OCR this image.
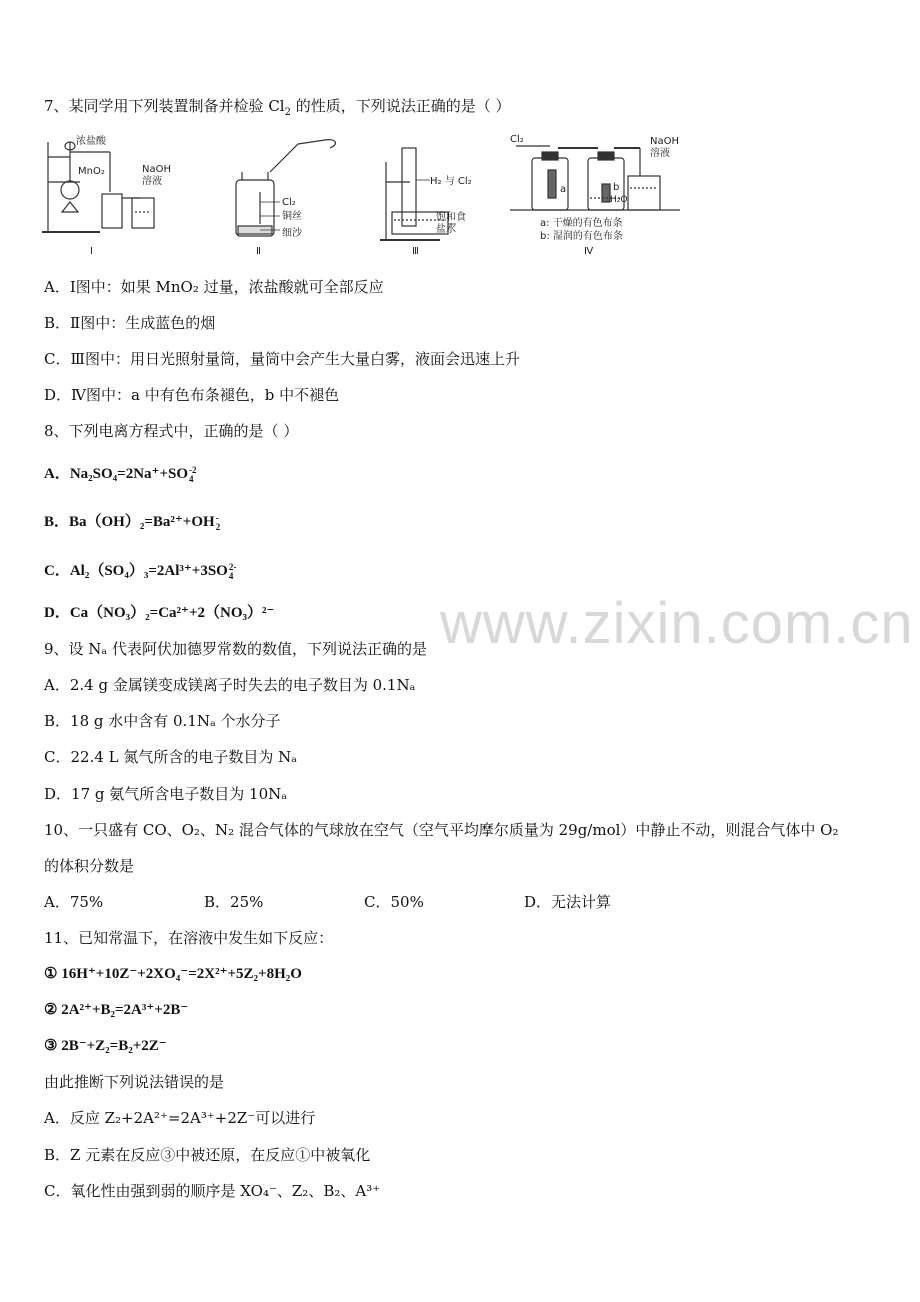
www.zixin.com.cn
7、某同学用下列装置制备并检验 $Cl_2$ 的性质，下列说法正确的是（ ）
浓盐酸
MnO₂	NaOH
溶液
Ⅰ
Cl₂
铜丝
细沙
Ⅱ
H₂ 与 Cl₂
饱和食
盐水
Ⅲ
Cl₂	NaOH
溶液
a	b
H₂O
a: 干燥的有色布条
b: 湿润的有色布条
Ⅳ
A．Ⅰ图中：如果 MnO₂ 过量，浓盐酸就可全部反应
B．Ⅱ图中：生成蓝色的烟
C．Ⅲ图中：用日光照射量筒，量筒中会产生大量白雾，液面会迅速上升
D．Ⅳ图中：a 中有色布条褪色，b 中不褪色
8、下列电离方程式中，正确的是（ ）
A．Na₂SO₄=2Na⁺+SO -2
4
B．Ba（OH）₂=Ba²⁺+OH -
2
C．Al₂（SO₄）₃=2Al³⁺+3SO 2-
4
D．Ca（NO₃）₂=Ca²⁺+2（NO₃）²⁻
9、设 Nₐ 代表阿伏加德罗常数的数值，下列说法正确的是
A．2.4 g 金属镁变成镁离子时失去的电子数目为 0.1Nₐ
B．18 g 水中含有 0.1Nₐ 个水分子
C．22.4 L 氮气所含的电子数目为 Nₐ
D．17 g 氨气所含电子数目为 10Nₐ
10、一只盛有 CO、O₂、N₂ 混合气体的气球放在空气（空气平均摩尔质量为 29g/mol）中静止不动，则混合气体中 O₂
的体积分数是
A．75%	B．25%	C．50%	D．无法计算
11、已知常温下，在溶液中发生如下反应：
① 16H⁺+10Z⁻+2XO₄⁻=2X²⁺+5Z₂+8H₂O
② 2A²⁺+B₂=2A³⁺+2B⁻
③ 2B⁻+Z₂=B₂+2Z⁻
由此推断下列说法错误的是
A．反应 Z₂+2A²⁺=2A³⁺+2Z⁻可以进行
B．Z 元素在反应③中被还原，在反应①中被氧化
C．氧化性由强到弱的顺序是 XO₄⁻、Z₂、B₂、A³⁺
